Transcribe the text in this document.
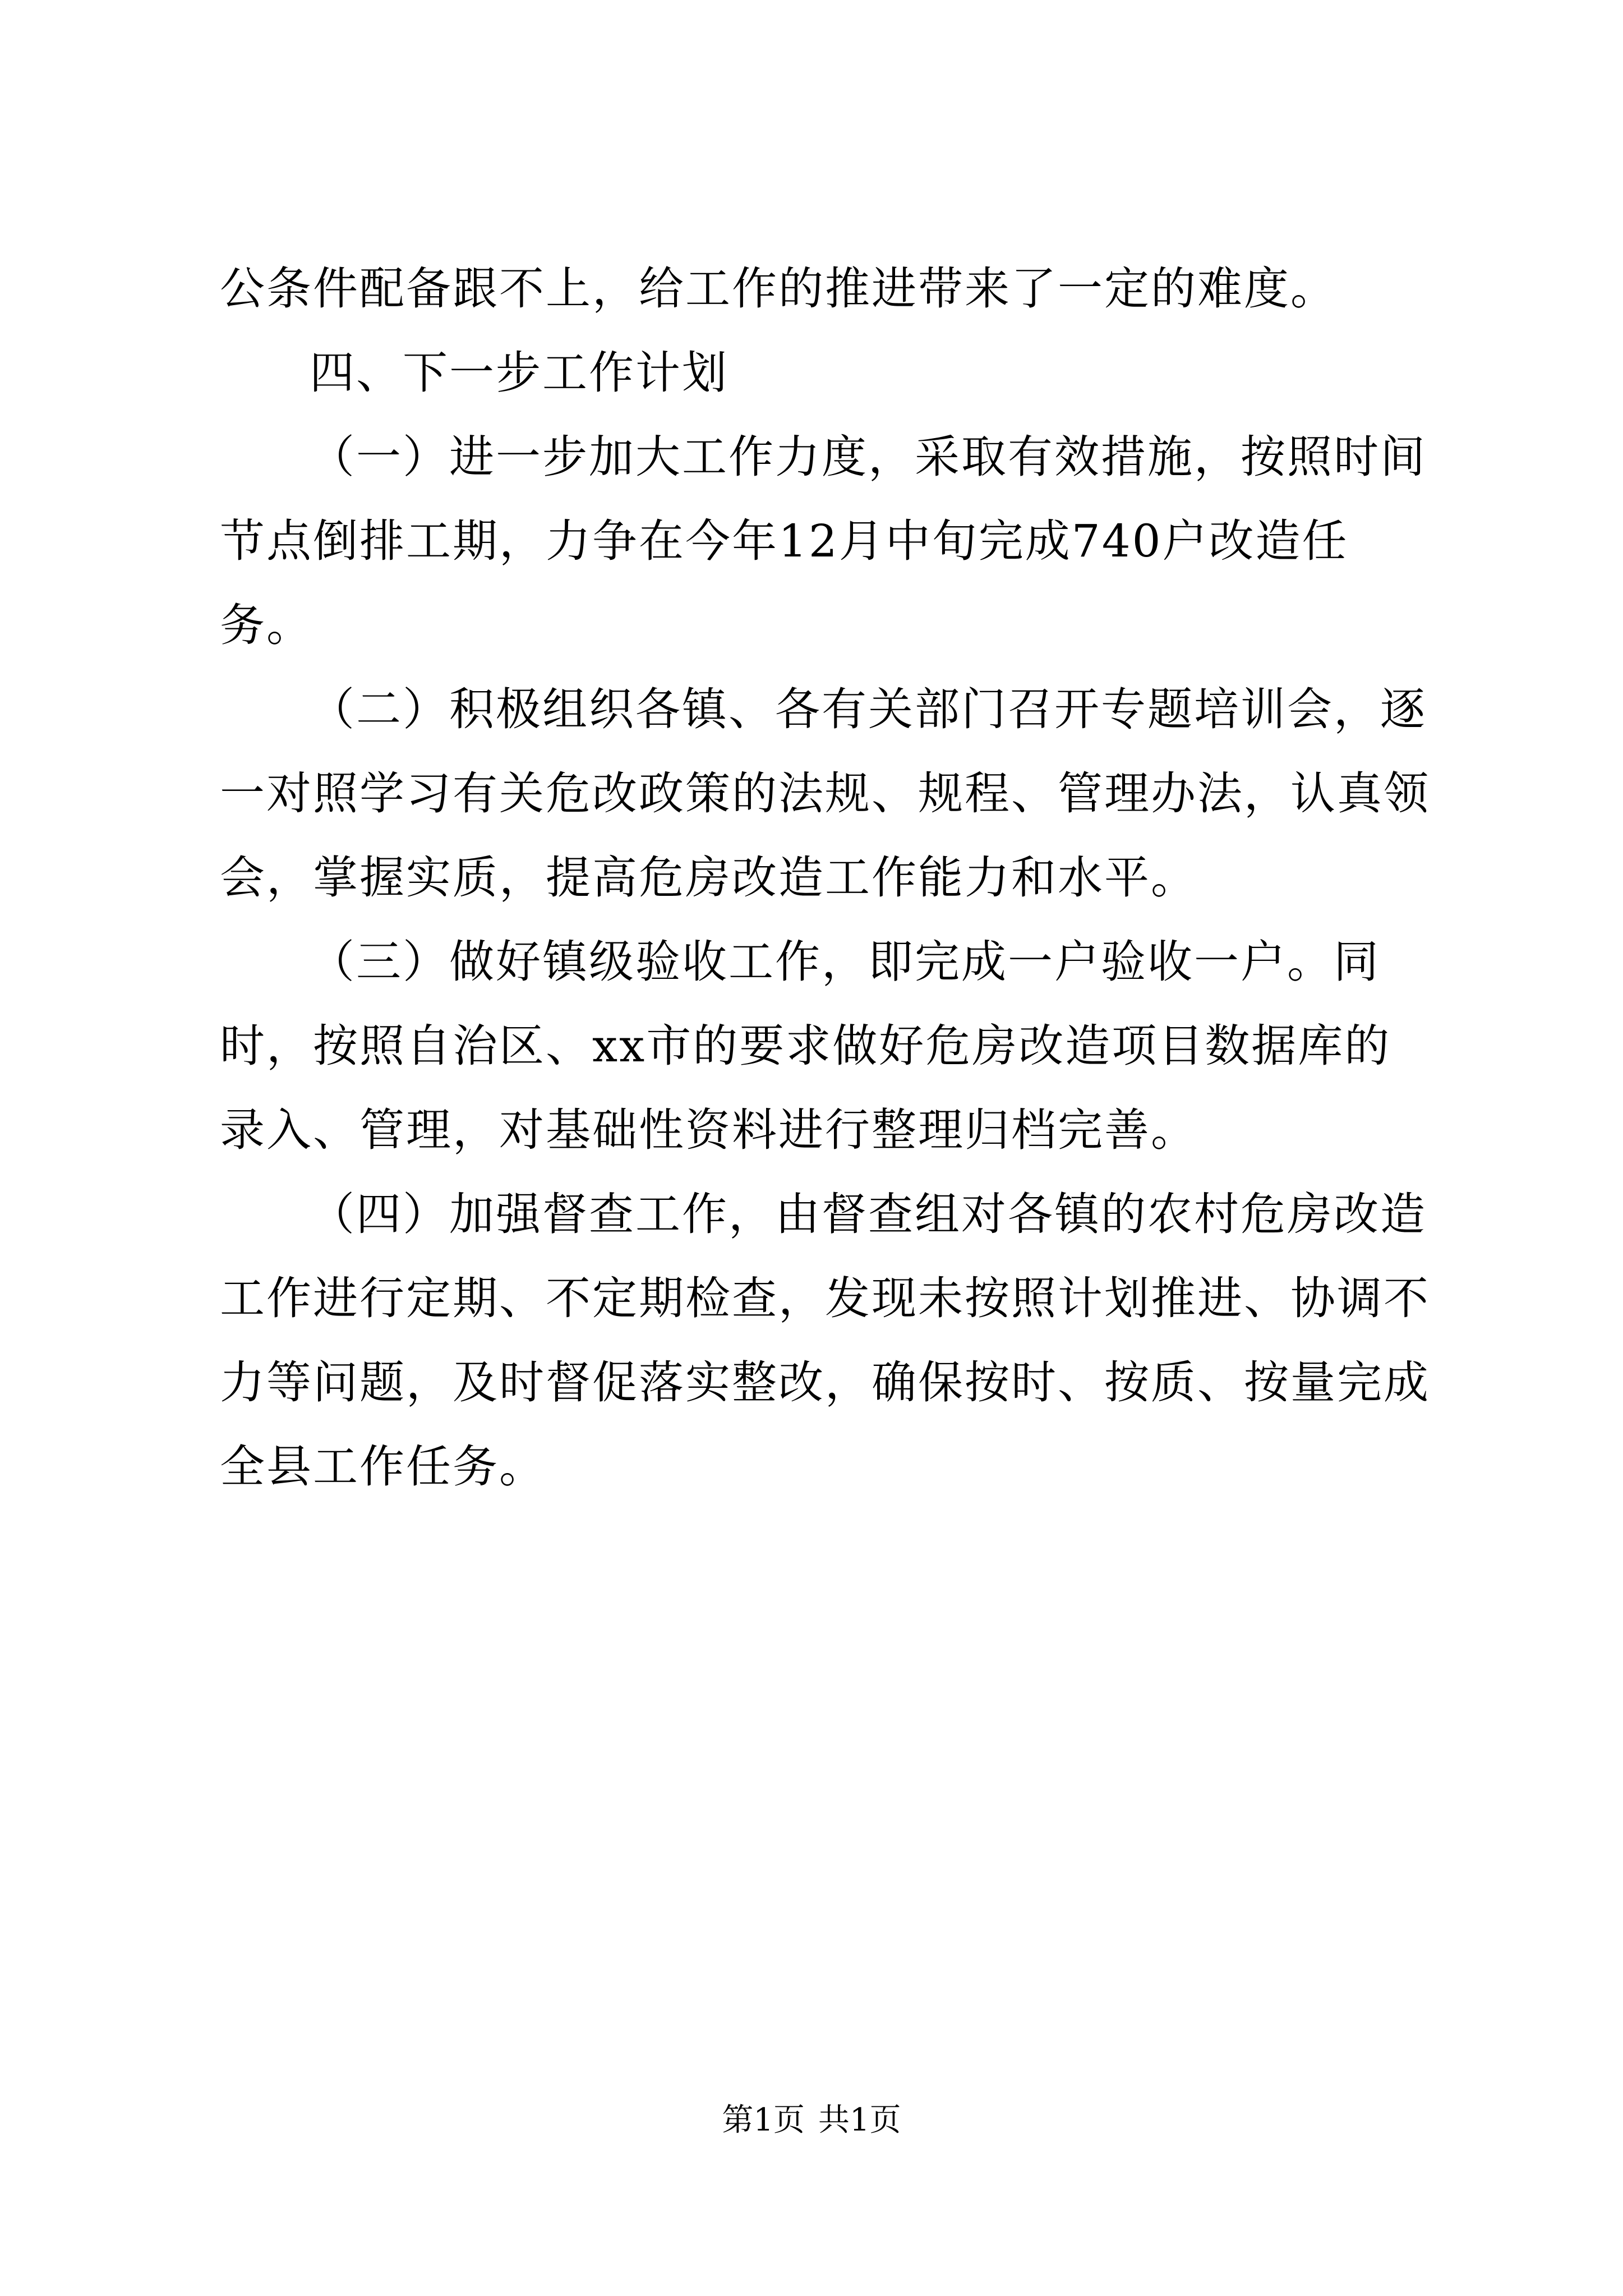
公条件配备跟不上，给工作的推进带来了一定的难度。

四、下一步工作计划

（一）进一步加大工作力度，采取有效措施，按照时间节点倒排工期，力争在今年12月中旬完成740户改造任务。

（二）积极组织各镇、各有关部门召开专题培训会，逐一对照学习有关危改政策的法规、规程、管理办法，认真领会，掌握实质，提高危房改造工作能力和水平。

（三）做好镇级验收工作，即完成一户验收一户。同时，按照自治区、xx市的要求做好危房改造项目数据库的录入、管理，对基础性资料进行整理归档完善。

（四）加强督查工作，由督查组对各镇的农村危房改造工作进行定期、不定期检查，发现未按照计划推进、协调不力等问题，及时督促落实整改，确保按时、按质、按量完成全县工作任务。

第1页 共1页
